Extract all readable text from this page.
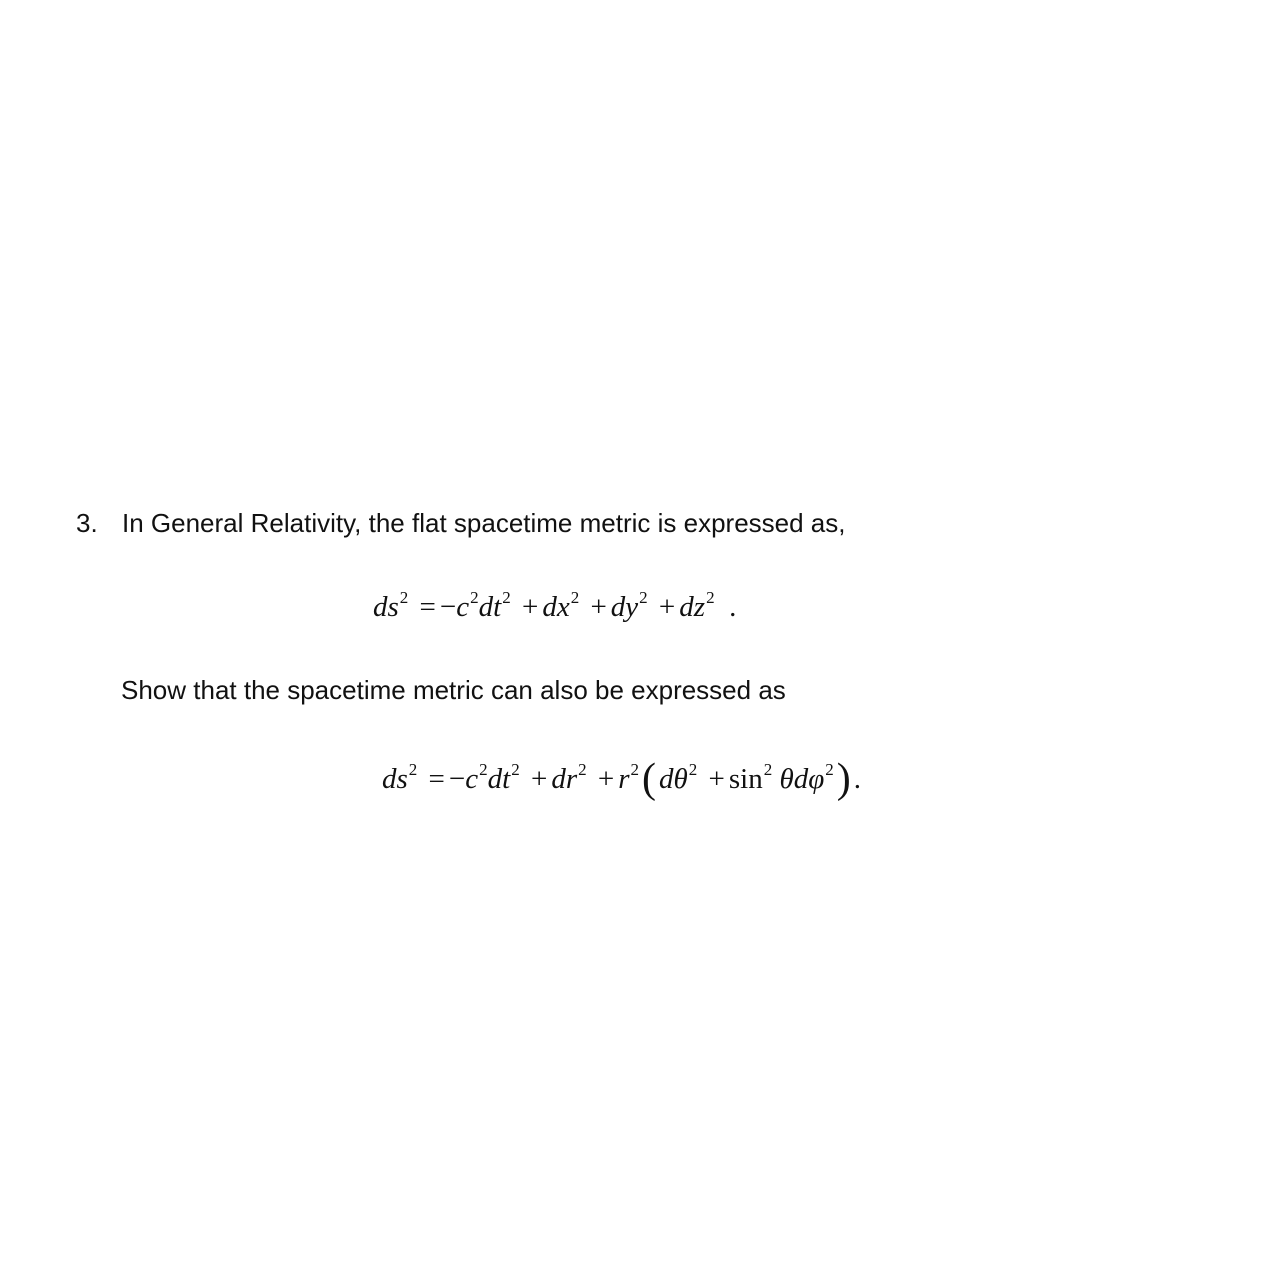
3. In General Relativity, the flat spacetime metric is expressed as,
$ds^2 = -c^2dt^2 + dx^2 + dy^2 + dz^2$  .
Show that the spacetime metric can also be expressed as
$ds^2 = -c^2dt^2 + dr^2 + r^2$( $d\theta^2 + \sin^2 \theta d\varphi^2$) .
